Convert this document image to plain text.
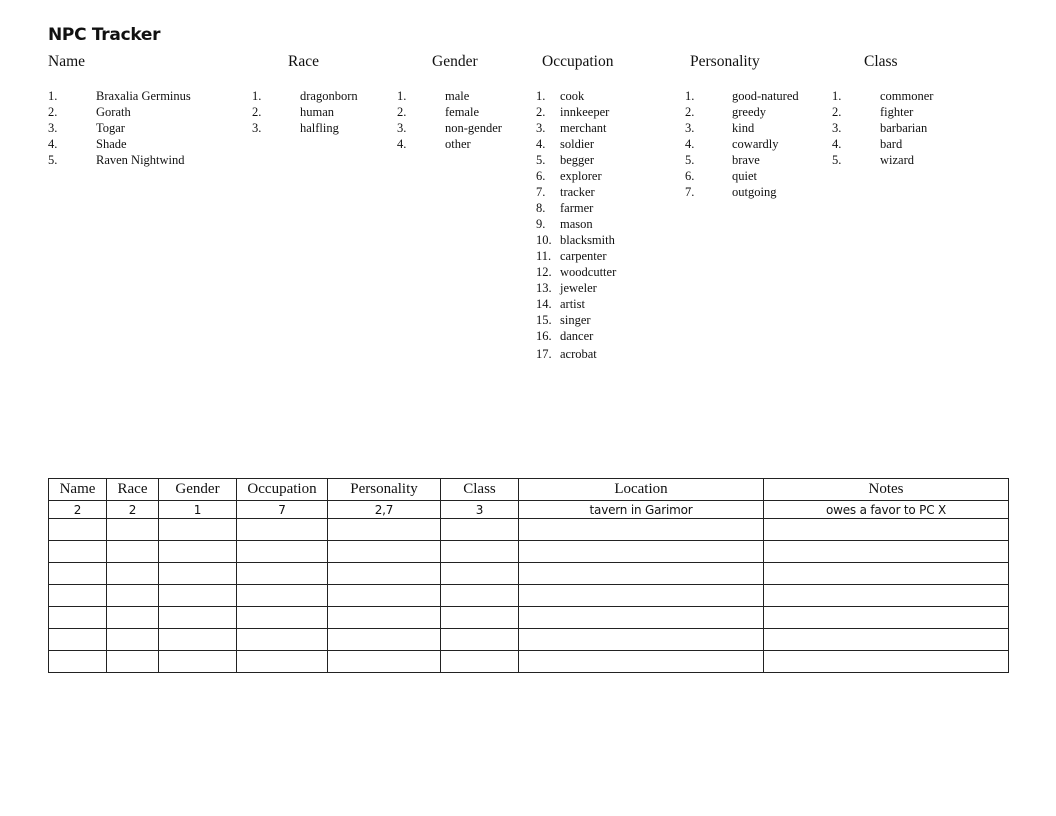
NPC Tracker
Name	Race	Gender	Occupation	Personality	Class
1.	Braxalia Germinus
2.	Gorath
3.	Togar
4.	Shade
5.	Raven Nightwind
1.	dragonborn
2.	human
3.	halfling
1.	male
2.	female
3.	non-gender
4.	other
1. cook
2. innkeeper
3. merchant
4. soldier
5. begger
6. explorer
7. tracker
8. farmer
9. mason
10. blacksmith
11. carpenter
12. woodcutter
13. jeweler
14. artist
15. singer
16. dancer
17. acrobat
1.	good-natured
2.	greedy
3.	kind
4.	cowardly
5.	brave
6.	quiet
7.	outgoing
1.	commoner
2.	fighter
3.	barbarian
4.	bard
5.	wizard
Name	Race	Gender	Occupation	Personality	Class	Location	Notes
2	2	1	7	2,7	3	tavern in Garimor	owes a favor to PC X
